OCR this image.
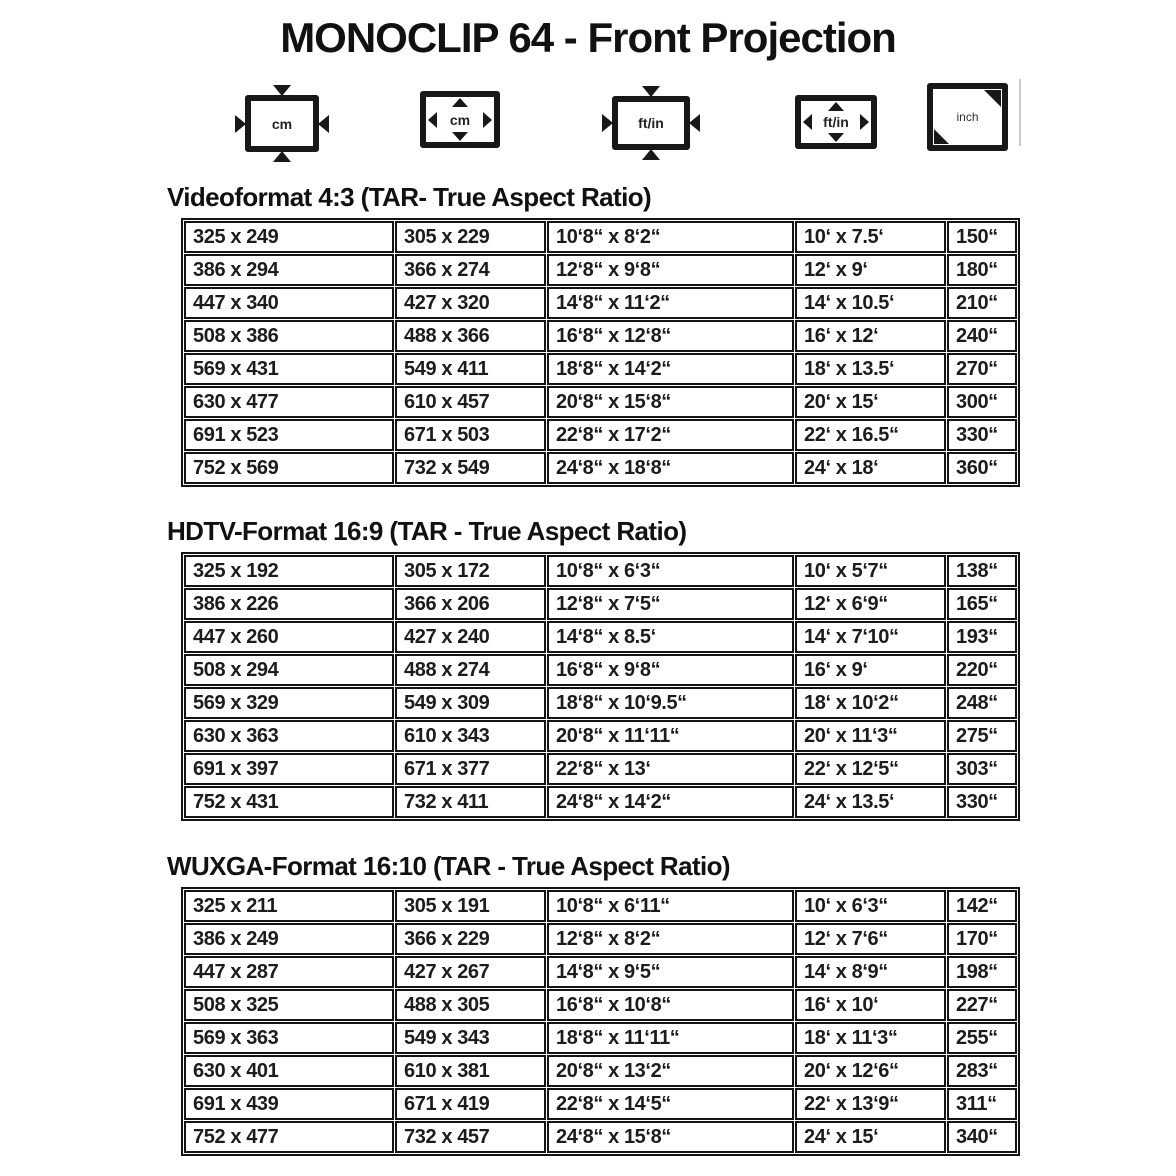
MONOCLIP 64 - Front Projection
cm	cm	ft/in	ft/in	inch
Videoformat 4:3 (TAR- True Aspect Ratio)
325 x 249	305 x 229	10‘8“ x 8‘2“	10‘ x 7.5‘	150“
386 x 294	366 x 274	12‘8“ x 9‘8“	12‘ x 9‘	180“
447 x 340	427 x 320	14‘8“ x 11‘2“	14‘ x 10.5‘	210“
508 x 386	488 x 366	16‘8“ x 12‘8“	16‘ x 12‘	240“
569 x 431	549 x 411	18‘8“ x 14‘2“	18‘ x 13.5‘	270“
630 x 477	610 x 457	20‘8“ x 15‘8“	20‘ x 15‘	300“
691 x 523	671 x 503	22‘8“ x 17‘2“	22‘ x 16.5“	330“
752 x 569	732 x 549	24‘8“ x 18‘8“	24‘ x 18‘	360“
HDTV-Format 16:9 (TAR - True Aspect Ratio)
325 x 192	305 x 172	10‘8“ x 6‘3“	10‘ x 5‘7“	138“
386 x 226	366 x 206	12‘8“ x 7‘5“	12‘ x 6‘9“	165“
447 x 260	427 x 240	14‘8“ x 8.5‘	14‘ x 7‘10“	193“
508 x 294	488 x 274	16‘8“ x 9‘8“	16‘ x 9‘	220“
569 x 329	549 x 309	18‘8“ x 10‘9.5“	18‘ x 10‘2“	248“
630 x 363	610 x 343	20‘8“ x 11‘11“	20‘ x 11‘3“	275“
691 x 397	671 x 377	22‘8“ x 13‘	22‘ x 12‘5“	303“
752 x 431	732 x 411	24‘8“ x 14‘2“	24‘ x 13.5‘	330“
WUXGA-Format 16:10 (TAR - True Aspect Ratio)
325 x 211	305 x 191	10‘8“ x 6‘11“	10‘ x 6‘3“	142“
386 x 249	366 x 229	12‘8“ x 8‘2“	12‘ x 7‘6“	170“
447 x 287	427 x 267	14‘8“ x 9‘5“	14‘ x 8‘9“	198“
508 x 325	488 x 305	16‘8“ x 10‘8“	16‘ x 10‘	227“
569 x 363	549 x 343	18‘8“ x 11‘11“	18‘ x 11‘3“	255“
630 x 401	610 x 381	20‘8“ x 13‘2“	20‘ x 12‘6“	283“
691 x 439	671 x 419	22‘8“ x 14‘5“	22‘ x 13‘9“	311“
752 x 477	732 x 457	24‘8“ x 15‘8“	24‘ x 15‘	340“
